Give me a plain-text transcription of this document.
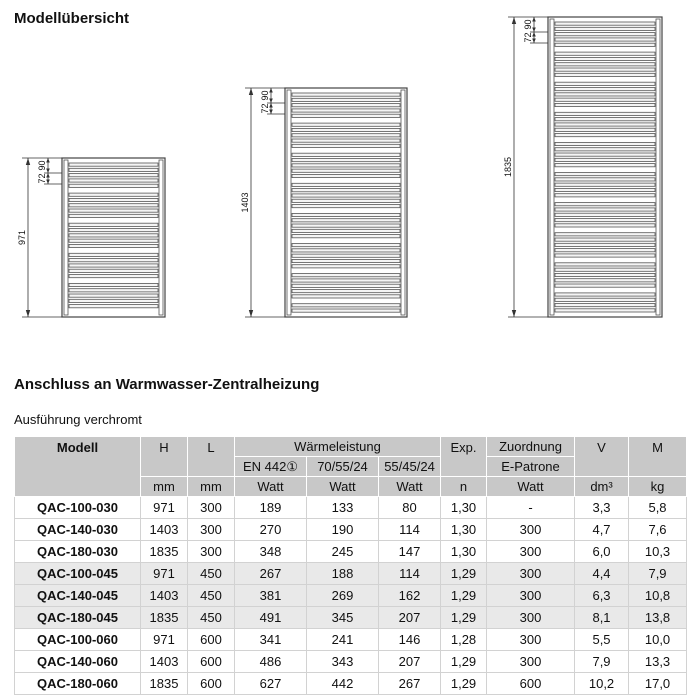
Modellübersicht
971
90
72
1403
90
72
1835
90
72
Anschluss an Warmwasser-Zentralheizung
Ausführung verchromt
Modell	H	L	Wärmeleistung			Exp.	Zuordnung	V	M
			EN 442①	70/55/24	55/45/24		E-Patrone		
	mm	mm	Watt	Watt	Watt	n	Watt	dm³	kg
QAC-100-030	971	300	189	133	80	1,30	-	3,3	5,8
QAC-140-030	1403	300	270	190	114	1,30	300	4,7	7,6
QAC-180-030	1835	300	348	245	147	1,30	300	6,0	10,3
QAC-100-045	971	450	267	188	114	1,29	300	4,4	7,9
QAC-140-045	1403	450	381	269	162	1,29	300	6,3	10,8
QAC-180-045	1835	450	491	345	207	1,29	300	8,1	13,8
QAC-100-060	971	600	341	241	146	1,28	300	5,5	10,0
QAC-140-060	1403	600	486	343	207	1,29	300	7,9	13,3
QAC-180-060	1835	600	627	442	267	1,29	600	10,2	17,0
